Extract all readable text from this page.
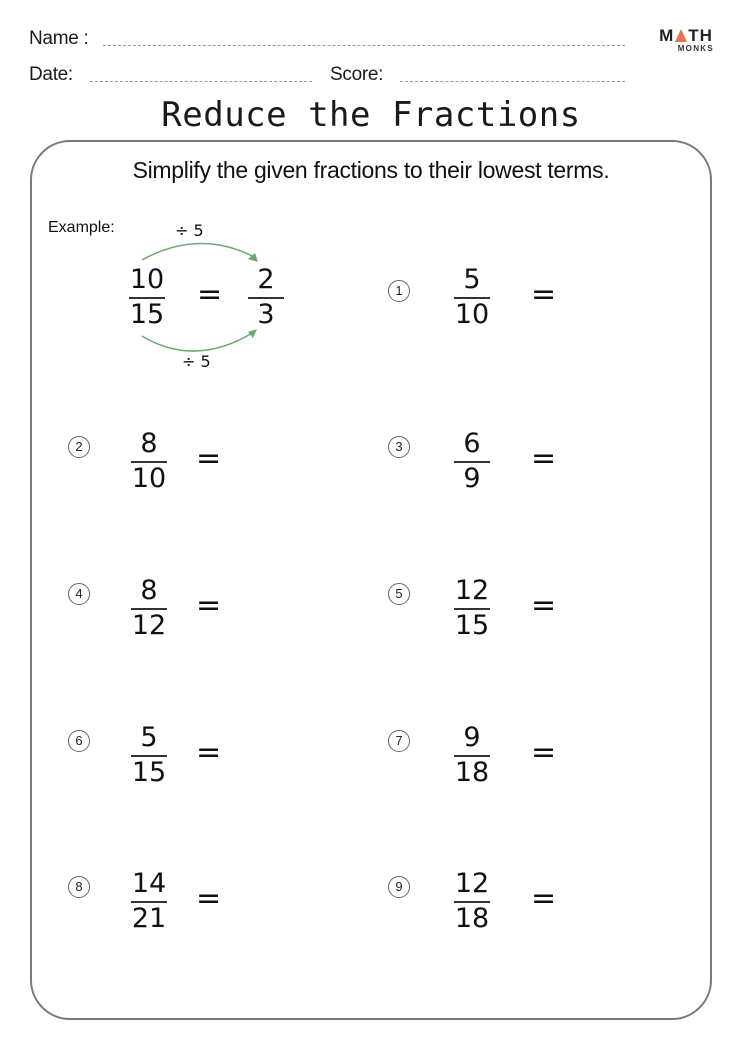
Name :
Date:	Score:
M TH
MONKS
Reduce the Fractions
Simplify the given fractions to their lowest terms.
Example:	÷ 5
÷ 5
10
15
=	2
3
1	5
10
=
2	8
10
=	3	6
9
=
4	8
12
=	5 12
15
=
6	5
15
=	7	9
18
=
8 14
21
=	9 12
18
=
